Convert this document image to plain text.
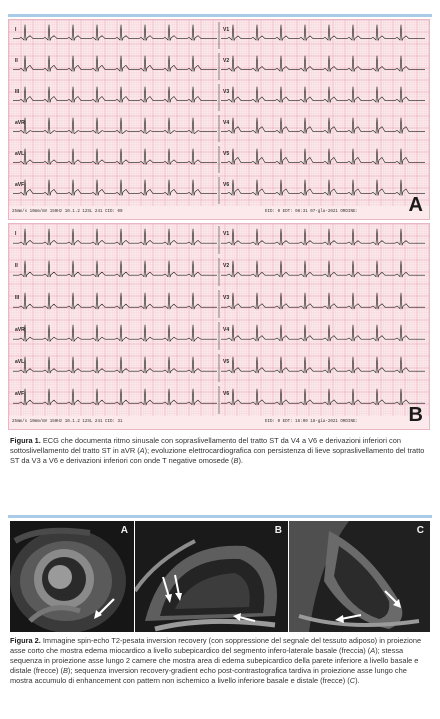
I	V1
II	V2
III	V3
aVR	V4
aVL	V5
aVF	V6
25mm/s 10mm/mV 150Hz 10.1.2 12SL 241 CID: 00	EID: 0 EDT: 08:31 07-gla-2021 ORDINE:	A
I	V1
II	V2
III	V3
aVR	V4
aVL	V5
aVF	V6
25mm/s 10mm/mV 150Hz 10.1.2 12SL 241 CID: 31	EID: 0 EDT: 16:00 18-gia-2021 ORDINE:	B
Figura 1. ECG che documenta ritmo sinusale con sopraslivellamento del tratto ST da V4 a V6 e derivazioni inferiori con sottoslivellamento del tratto ST in aVR (A); evoluzione elettrocardiografica con persistenza di lieve sopraslivellamento del tratto ST da V3 a V6 e derivazioni inferiori con onde T negative omosede (B).
A	B	C
Figura 2. Immagine spin-echo T2-pesata inversion recovery (con soppressione del segnale del tessuto adiposo) in proiezione asse corto che mostra edema miocardico a livello subepicardico del segmento infero-laterale basale (freccia) (A); stessa sequenza in proiezione asse lungo 2 camere che mostra area di edema subepicardico della parete inferiore a livello basale e distale (frecce) (B); sequenza inversion recovery-gradient echo post-contrastografica tardiva in proiezione asse lungo che mostra accumulo di enhancement con pattern non ischemico a livello inferiore basale e distale (frecce) (C).
